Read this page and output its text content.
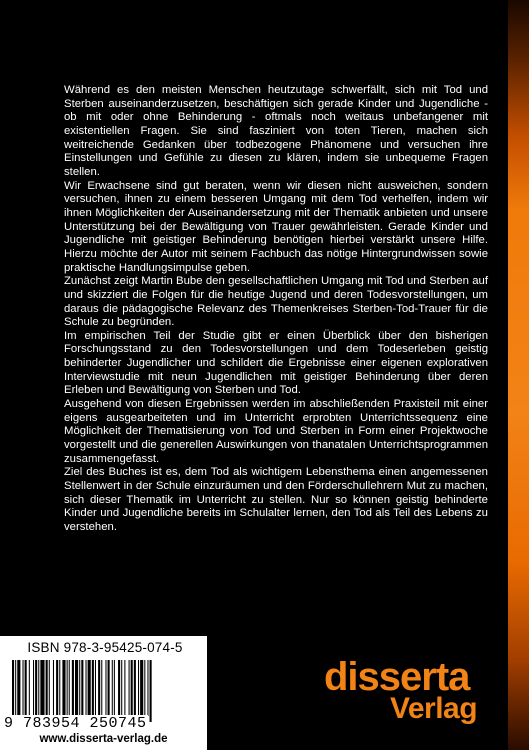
Während es den meisten Menschen heutzutage schwerfällt, sich mit Tod und Sterben auseinanderzusetzen, beschäftigen sich gerade Kinder und Jugendliche - ob mit oder ohne Behinderung - oftmals noch weitaus unbefangener mit existentiellen Fragen. Sie sind fasziniert von toten Tieren, machen sich weitreichende Gedanken über todbezogene Phänomene und versuchen ihre Einstellungen und Gefühle zu diesen zu klären, indem sie unbequeme Fragen stellen.

Wir Erwachsene sind gut beraten, wenn wir diesen nicht ausweichen, sondern versuchen, ihnen zu einem besseren Umgang mit dem Tod verhelfen, indem wir ihnen Möglichkeiten der Auseinandersetzung mit der Thematik anbieten und unsere Unterstützung bei der Bewältigung von Trauer gewährleisten. Gerade Kinder und Jugendliche mit geistiger Behinderung benötigen hierbei verstärkt unsere Hilfe. Hierzu möchte der Autor mit seinem Fachbuch das nötige Hintergrundwissen sowie praktische Handlungsimpulse geben.

Zunächst zeigt Martin Bube den gesellschaftlichen Umgang mit Tod und Sterben auf und skizziert die Folgen für die heutige Jugend und deren Todesvorstellungen, um daraus die pädagogische Relevanz des Themenkreises Sterben-Tod-Trauer für die Schule zu begründen.

Im empirischen Teil der Studie gibt er einen Überblick über den bisherigen Forschungsstand zu den Todesvorstellungen und dem Todeserleben geistig behinderter Jugendlicher und schildert die Ergebnisse einer eigenen explorativen Interviewstudie mit neun Jugendlichen mit geistiger Behinderung über deren Erleben und Bewältigung von Sterben und Tod.

Ausgehend von diesen Ergebnissen werden im abschließenden Praxisteil mit einer eigens ausgearbeiteten und im Unterricht erprobten Unterrichtssequenz eine Möglichkeit der Thematisierung von Tod und Sterben in Form einer Projektwoche vorgestellt und die generellen Auswirkungen von thanatalen Unterrichtsprogrammen zusammengefasst.

Ziel des Buches ist es, dem Tod als wichtigem Lebensthema einen angemessenen Stellenwert in der Schule einzuräumen und den Förderschullehrern Mut zu machen, sich dieser Thematik im Unterricht zu stellen. Nur so können geistig behinderte Kinder und Jugendliche bereits im Schulalter lernen, den Tod als Teil des Lebens zu verstehen.

ISBN 978-3-95425-074-5
9 783954 250745
www.disserta-verlag.de
disserta
Verlag
